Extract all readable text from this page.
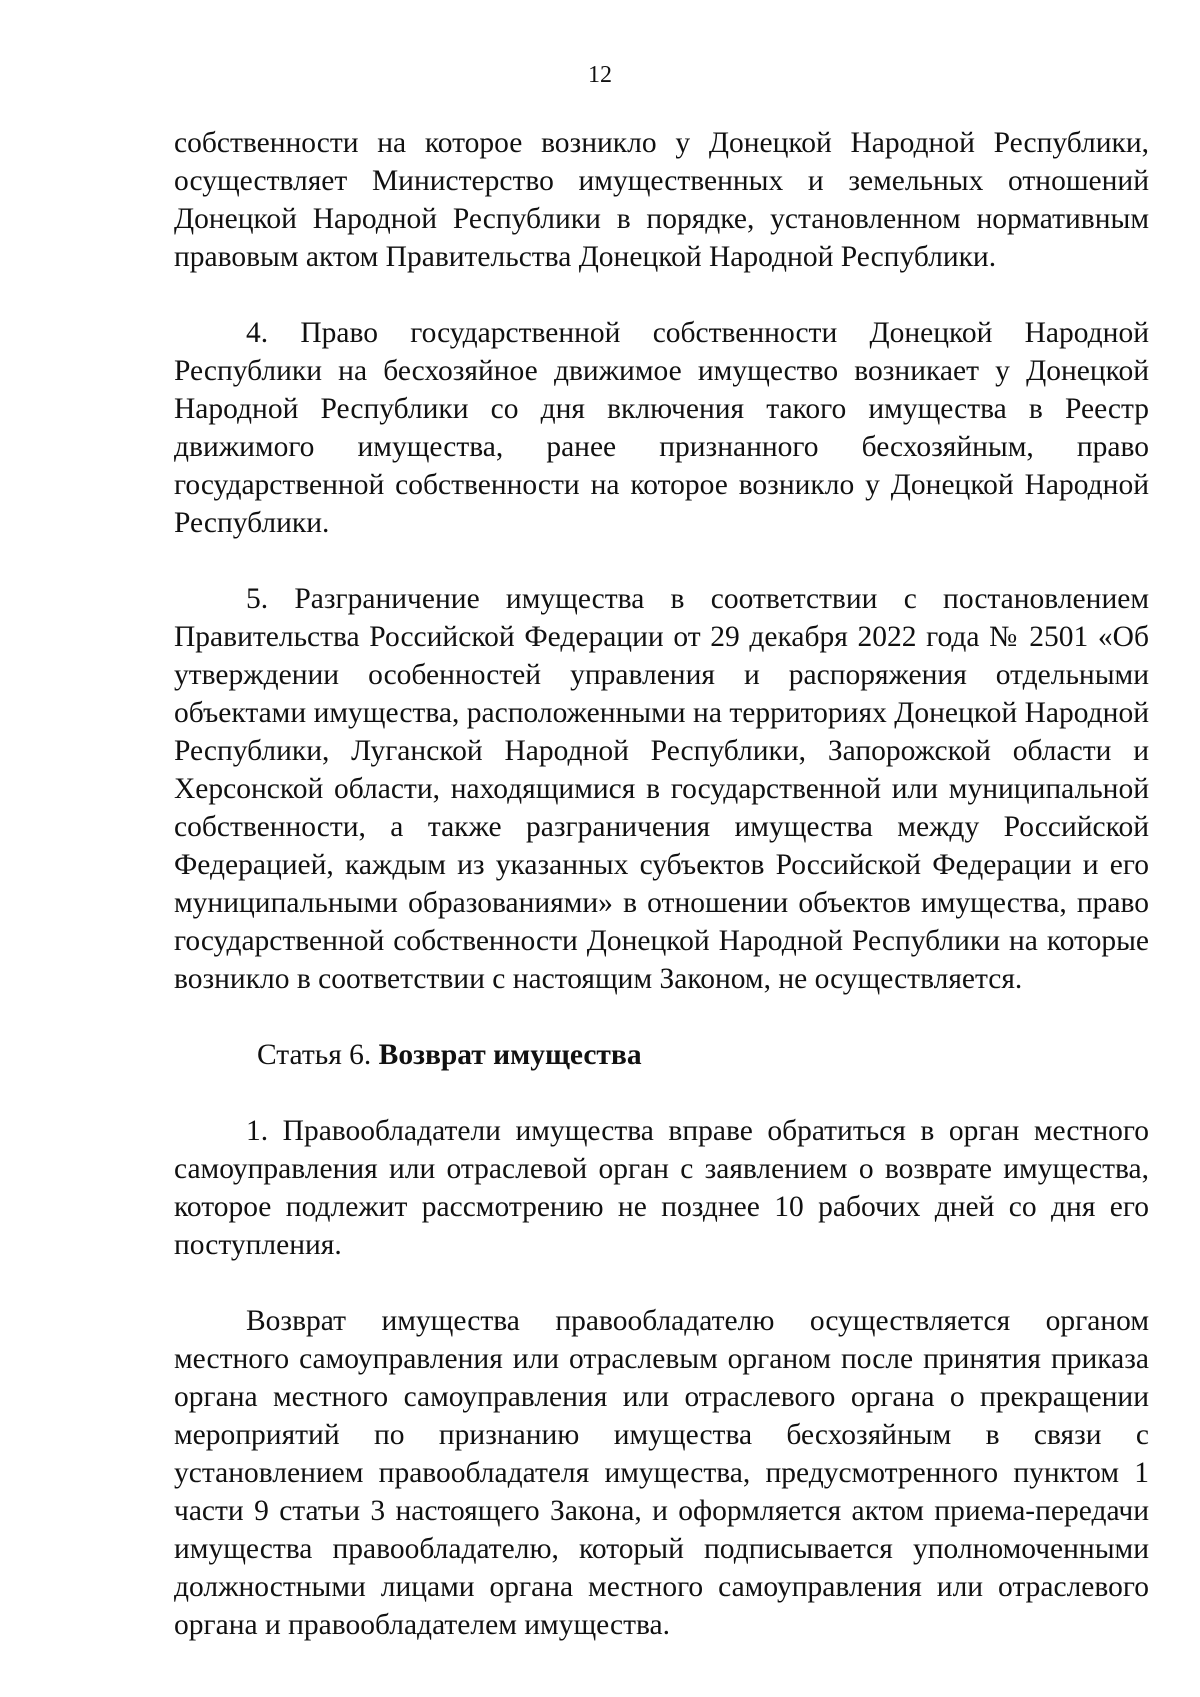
12

собственности на которое возникло у Донецкой Народной Республики, осуществляет Министерство имущественных и земельных отношений Донецкой Народной Республики в порядке, установленном нормативным правовым актом Правительства Донецкой Народной Республики.

4. Право государственной собственности Донецкой Народной Республики на бесхозяйное движимое имущество возникает у Донецкой Народной Республики со дня включения такого имущества в Реестр движимого имущества, ранее признанного бесхозяйным, право государственной собственности на которое возникло у Донецкой Народной Республики.

5. Разграничение имущества в соответствии с постановлением Правительства Российской Федерации от 29 декабря 2022 года № 2501 «Об утверждении особенностей управления и распоряжения отдельными объектами имущества, расположенными на территориях Донецкой Народной Республики, Луганской Народной Республики, Запорожской области и Херсонской области, находящимися в государственной или муниципальной собственности, а также разграничения имущества между Российской Федерацией, каждым из указанных субъектов Российской Федерации и его муниципальными образованиями» в отношении объектов имущества, право государственной собственности Донецкой Народной Республики на которые возникло в соответствии с настоящим Законом, не осуществляется.

Статья 6. Возврат имущества

1. Правообладатели имущества вправе обратиться в орган местного самоуправления или отраслевой орган с заявлением о возврате имущества, которое подлежит рассмотрению не позднее 10 рабочих дней со дня его поступления.

Возврат имущества правообладателю осуществляется органом местного самоуправления или отраслевым органом после принятия приказа органа местного самоуправления или отраслевого органа о прекращении мероприятий по признанию имущества бесхозяйным в связи с установлением правообладателя имущества, предусмотренного пунктом 1 части 9 статьи 3 настоящего Закона, и оформляется актом приема-передачи имущества правообладателю, который подписывается уполномоченными должностными лицами органа местного самоуправления или отраслевого органа и правообладателем имущества.
